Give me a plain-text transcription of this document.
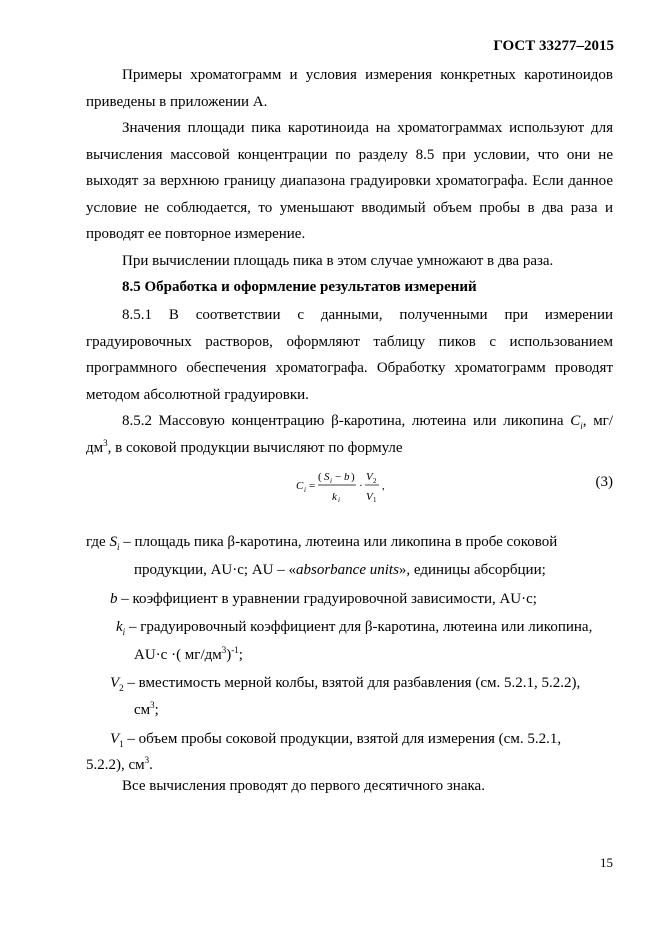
ГОСТ 33277–2015
Примеры хроматограмм и условия измерения конкретных каротиноидов приведены в приложении А.
Значения площади пика каротиноида на хроматограммах используют для вычисления массовой концентрации по разделу 8.5 при условии, что они не выходят за верхнюю границу диапазона градуировки хроматографа. Если данное условие не соблюдается, то уменьшают вводимый объем пробы в два раза и проводят ее повторное измерение.
При вычислении площадь пика в этом случае умножают в два раза.
8.5 Обработка и оформление результатов измерений
8.5.1 В соответствии с данными, полученными при измерении градуировочных растворов, оформляют таблицу пиков с использованием программного обеспечения хроматографа. Обработку хроматограмм проводят методом абсолютной градуировки.
8.5.2 Массовую концентрацию β-каротина, лютеина или ликопина $C_i$, $мг/дм^3$, в соковой продукции вычисляют по формуле
C i =
( S i − b )
k i
·
V 2
V 1
,	(3)
где $S_i$ – площадь пика β-каротина, лютеина или ликопина в пробе соковой
продукции, AU·с; AU – «absorbance units», единицы абсорбции;
b – коэффициент в уравнении градуировочной зависимости, AU·с;
$k_i$ – градуировочный коэффициент для β-каротина, лютеина или ликопина,
AU·с ·( $мг/дм^3)^{-1}$;
$V_2$ – вместимость мерной колбы, взятой для разбавления (см. 5.2.1, 5.2.2),
$см^3$;
$V_1$ – объем пробы соковой продукции, взятой для измерения (см. 5.2.1,
5.2.2), $см^3$.
Все вычисления проводят до первого десятичного знака.
15
